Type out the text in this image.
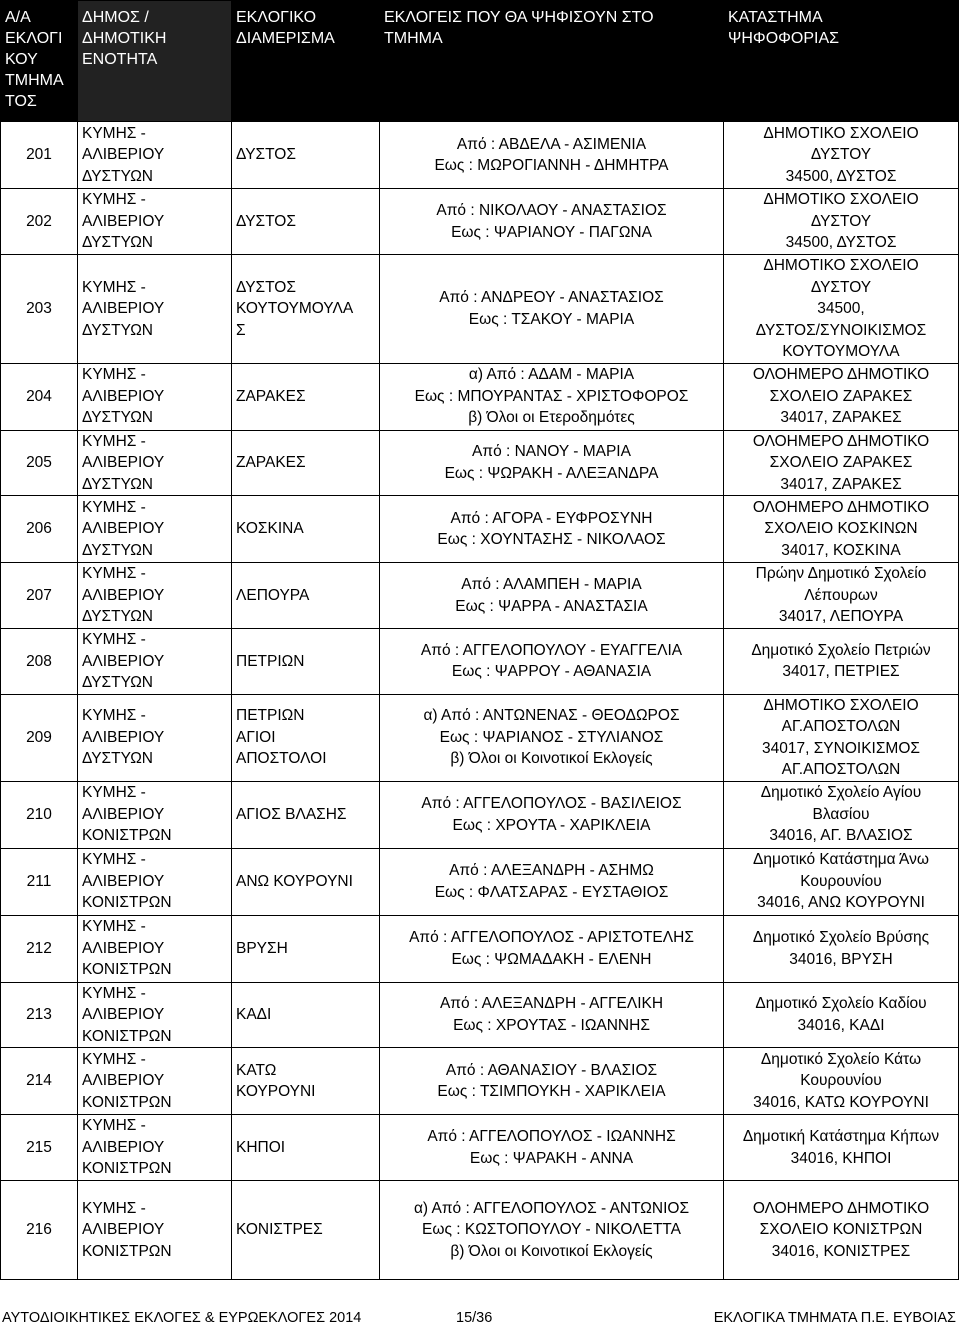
Α/Α
ΕΚΛΟΓΙ
ΚΟΥ
ΤΜΗΜΑ
ΤΟΣ	ΔΗΜΟΣ /
ΔΗΜΟΤΙΚΗ
ΕΝΟΤΗΤΑ	ΕΚΛΟΓΙΚΟ
ΔΙΑΜΕΡΙΣΜΑ	ΕΚΛΟΓΕΙΣ ΠΟΥ ΘΑ ΨΗΦΙΣΟΥΝ ΣΤΟ
ΤΜΗΜΑ	ΚΑΤΑΣΤΗΜΑ
ΨΗΦΟΦΟΡΙΑΣ
201	ΚΥΜΗΣ -
ΑΛΙΒΕΡΙΟΥ
ΔΥΣΤΥΩΝ	ΔΥΣΤΟΣ	Από : ΑΒΔΕΛΑ - ΑΣΙΜΕΝΙΑ
Εως : ΜΩΡΟΓΙΑΝΝΗ - ΔΗΜΗΤΡΑ	ΔΗΜΟΤΙΚΟ ΣΧΟΛΕΙΟ
ΔΥΣΤΟΥ
34500, ΔΥΣΤΟΣ
202	ΚΥΜΗΣ -
ΑΛΙΒΕΡΙΟΥ
ΔΥΣΤΥΩΝ	ΔΥΣΤΟΣ	Από : ΝΙΚΟΛΑΟΥ - ΑΝΑΣΤΑΣΙΟΣ
Εως : ΨΑΡΙΑΝΟΥ - ΠΑΓΩΝΑ	ΔΗΜΟΤΙΚΟ ΣΧΟΛΕΙΟ
ΔΥΣΤΟΥ
34500, ΔΥΣΤΟΣ
203	ΚΥΜΗΣ -
ΑΛΙΒΕΡΙΟΥ
ΔΥΣΤΥΩΝ	ΔΥΣΤΟΣ
ΚΟΥΤΟΥΜΟΥΛΑ
Σ	Από : ΑΝΔΡΕΟΥ - ΑΝΑΣΤΑΣΙΟΣ
Εως : ΤΣΑΚΟΥ - ΜΑΡΙΑ	ΔΗΜΟΤΙΚΟ ΣΧΟΛΕΙΟ
ΔΥΣΤΟΥ
34500,
ΔΥΣΤΟΣ/ΣΥΝΟΙΚΙΣΜΟΣ
ΚΟΥΤΟΥΜΟΥΛΑ
204	ΚΥΜΗΣ -
ΑΛΙΒΕΡΙΟΥ
ΔΥΣΤΥΩΝ	ΖΑΡΑΚΕΣ	α) Από : ΑΔΑΜ - ΜΑΡΙΑ
Εως : ΜΠΟΥΡΑΝΤΑΣ - ΧΡΙΣΤΟΦΟΡΟΣ
β) Όλοι οι Ετεροδημότες	ΟΛΟΗΜΕΡΟ ΔΗΜΟΤΙΚΟ
ΣΧΟΛΕΙΟ ΖΑΡΑΚΕΣ
34017, ΖΑΡΑΚΕΣ
205	ΚΥΜΗΣ -
ΑΛΙΒΕΡΙΟΥ
ΔΥΣΤΥΩΝ	ΖΑΡΑΚΕΣ	Από : ΝΑΝΟΥ - ΜΑΡΙΑ
Εως : ΨΩΡΑΚΗ - ΑΛΕΞΑΝΔΡΑ	ΟΛΟΗΜΕΡΟ ΔΗΜΟΤΙΚΟ
ΣΧΟΛΕΙΟ ΖΑΡΑΚΕΣ
34017, ΖΑΡΑΚΕΣ
206	ΚΥΜΗΣ -
ΑΛΙΒΕΡΙΟΥ
ΔΥΣΤΥΩΝ	ΚΟΣΚΙΝΑ	Από : ΑΓΟΡΑ - ΕΥΦΡΟΣΥΝΗ
Εως : ΧΟΥΝΤΑΣΗΣ - ΝΙΚΟΛΑΟΣ	ΟΛΟΗΜΕΡΟ ΔΗΜΟΤΙΚΟ
ΣΧΟΛΕΙΟ ΚΟΣΚΙΝΩΝ
34017, ΚΟΣΚΙΝΑ
207	ΚΥΜΗΣ -
ΑΛΙΒΕΡΙΟΥ
ΔΥΣΤΥΩΝ	ΛΕΠΟΥΡΑ	Από : ΑΛΑΜΠΕΗ - ΜΑΡΙΑ
Εως : ΨΑΡΡΑ - ΑΝΑΣΤΑΣΙΑ	Πρώην Δημοτικό Σχολείο
Λέπουρων
34017, ΛΕΠΟΥΡΑ
208	ΚΥΜΗΣ -
ΑΛΙΒΕΡΙΟΥ
ΔΥΣΤΥΩΝ	ΠΕΤΡΙΩΝ	Από : ΑΓΓΕΛΟΠΟΥΛΟΥ - ΕΥΑΓΓΕΛΙΑ
Εως : ΨΑΡΡΟΥ - ΑΘΑΝΑΣΙΑ	Δημοτικό Σχολείο Πετριών
34017, ΠΕΤΡΙΕΣ
209	ΚΥΜΗΣ -
ΑΛΙΒΕΡΙΟΥ
ΔΥΣΤΥΩΝ	ΠΕΤΡΙΩΝ
ΑΓΙΟΙ
ΑΠΟΣΤΟΛΟΙ	α) Από : ΑΝΤΩΝΕΝΑΣ - ΘΕΟΔΩΡΟΣ
Εως : ΨΑΡΙΑΝΟΣ - ΣΤΥΛΙΑΝΟΣ
β) Όλοι οι Κοινοτικοί Εκλογείς	ΔΗΜΟΤΙΚΟ ΣΧΟΛΕΙΟ
ΑΓ.ΑΠΟΣΤΟΛΩΝ
34017, ΣΥΝΟΙΚΙΣΜΟΣ
ΑΓ.ΑΠΟΣΤΟΛΩΝ
210	ΚΥΜΗΣ -
ΑΛΙΒΕΡΙΟΥ
ΚΟΝΙΣΤΡΩΝ	ΑΓΙΟΣ ΒΛΑΣΗΣ	Από : ΑΓΓΕΛΟΠΟΥΛΟΣ - ΒΑΣΙΛΕΙΟΣ
Εως : ΧΡΟΥΤΑ - ΧΑΡΙΚΛΕΙΑ	Δημοτικό Σχολείο Αγίου
Βλασίου
34016, ΑΓ. ΒΛΑΣΙΟΣ
211	ΚΥΜΗΣ -
ΑΛΙΒΕΡΙΟΥ
ΚΟΝΙΣΤΡΩΝ	ΑΝΩ ΚΟΥΡΟΥΝΙ	Από : ΑΛΕΞΑΝΔΡΗ - ΑΣΗΜΩ
Εως : ΦΛΑΤΣΑΡΑΣ - ΕΥΣΤΑΘΙΟΣ	Δημοτικό Κατάστημα Άνω
Κουρουνίου
34016, ΑΝΩ ΚΟΥΡΟΥΝΙ
212	ΚΥΜΗΣ -
ΑΛΙΒΕΡΙΟΥ
ΚΟΝΙΣΤΡΩΝ	ΒΡΥΣΗ	Από : ΑΓΓΕΛΟΠΟΥΛΟΣ - ΑΡΙΣΤΟΤΕΛΗΣ
Εως : ΨΩΜΑΔΑΚΗ - ΕΛΕΝΗ	Δημοτικό Σχολείο Βρύσης
34016, ΒΡΥΣΗ
213	ΚΥΜΗΣ -
ΑΛΙΒΕΡΙΟΥ
ΚΟΝΙΣΤΡΩΝ	ΚΑΔΙ	Από : ΑΛΕΞΑΝΔΡΗ - ΑΓΓΕΛΙΚΗ
Εως : ΧΡΟΥΤΑΣ - ΙΩΑΝΝΗΣ	Δημοτικό Σχολείο Καδίου
34016, ΚΑΔΙ
214	ΚΥΜΗΣ -
ΑΛΙΒΕΡΙΟΥ
ΚΟΝΙΣΤΡΩΝ	ΚΑΤΩ
ΚΟΥΡΟΥΝΙ	Από : ΑΘΑΝΑΣΙΟΥ - ΒΛΑΣΙΟΣ
Εως : ΤΣΙΜΠΟΥΚΗ - ΧΑΡΙΚΛΕΙΑ	Δημοτικό Σχολείο Κάτω
Κουρουνίου
34016, ΚΑΤΩ ΚΟΥΡΟΥΝΙ
215	ΚΥΜΗΣ -
ΑΛΙΒΕΡΙΟΥ
ΚΟΝΙΣΤΡΩΝ	ΚΗΠΟΙ	Από : ΑΓΓΕΛΟΠΟΥΛΟΣ - ΙΩΑΝΝΗΣ
Εως : ΨΑΡΑΚΗ - ΑΝΝΑ	Δημοτική Κατάστημα Κήπων
34016, ΚΗΠΟΙ
216	ΚΥΜΗΣ -
ΑΛΙΒΕΡΙΟΥ
ΚΟΝΙΣΤΡΩΝ	ΚΟΝΙΣΤΡΕΣ	α) Από : ΑΓΓΕΛΟΠΟΥΛΟΣ - ΑΝΤΩΝΙΟΣ
Εως : ΚΩΣΤΟΠΟΥΛΟΥ - ΝΙΚΟΛΕΤΤΑ
β) Όλοι οι Κοινοτικοί Εκλογείς	ΟΛΟΗΜΕΡΟ ΔΗΜΟΤΙΚΟ
ΣΧΟΛΕΙΟ ΚΟΝΙΣΤΡΩΝ
34016, ΚΟΝΙΣΤΡΕΣ
ΑΥΤΟΔΙΟΙΚΗΤΙΚΕΣ ΕΚΛΟΓΕΣ & ΕΥΡΩΕΚΛΟΓΕΣ 2014	15/36	ΕΚΛΟΓΙΚΑ ΤΜΗΜΑΤΑ Π.Ε. ΕΥΒΟΙΑΣ
